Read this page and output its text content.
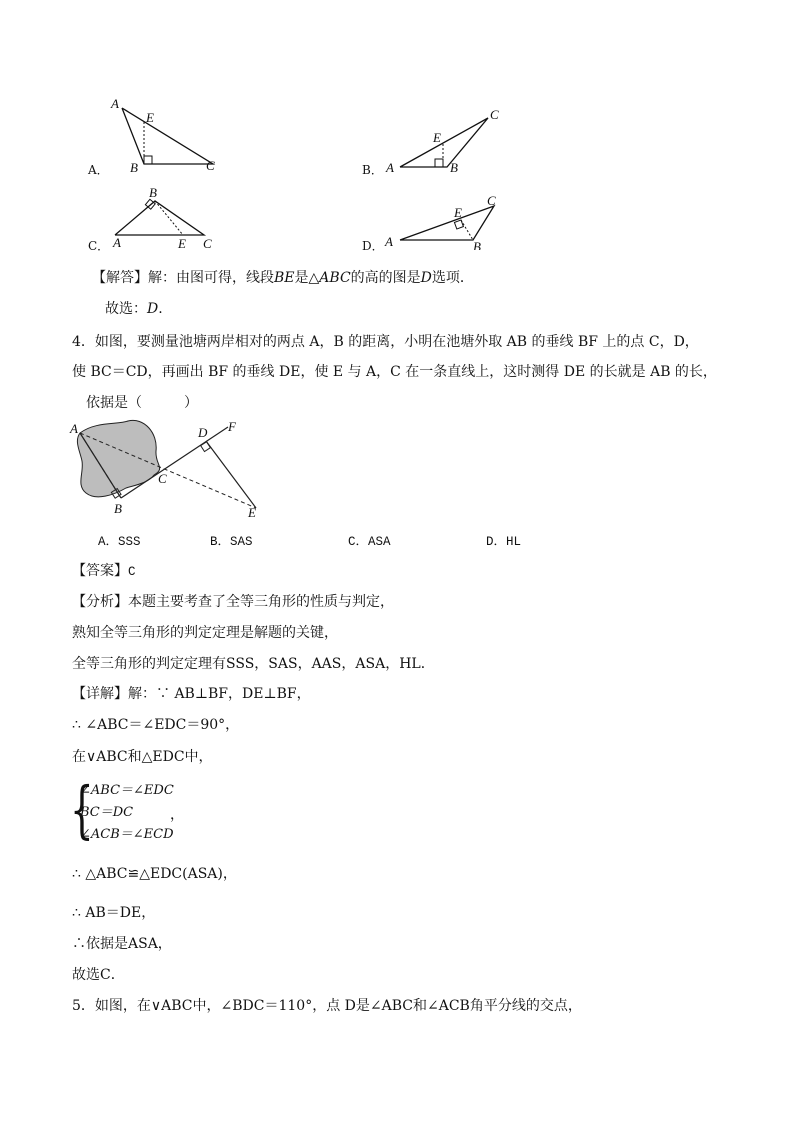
A．
A
E
B	C	B． A
E
B
C
C．
B
A	E C	D． A
E
B
C
【解答】解：由图可得，线段BE是△ABC的高的图是D选项．
故选：D.
4．如图，要测量池塘两岸相对的两点 A，B 的距离，小明在池塘外取 AB 的垂线 BF 上的点 C，D，
使 BC＝CD，再画出 BF 的垂线 DE，使 E 与 A，C 在一条直线上，这时测得 DE 的长就是 AB 的长，
依据是（　　　）
A
B
C
D F
E
A．SSS	B．SAS	C．ASA	D．HL
【答案】C
【分析】本题主要考查了全等三角形的性质与判定，
熟知全等三角形的判定定理是解题的关键，
全等三角形的判定定理有SSS，SAS，AAS，ASA，HL．
【详解】解：∵ AB⊥BF，DE⊥BF，
∴ ∠ABC＝∠EDC＝90°，
在∨ABC和△EDC中，
{
∠ABC＝∠EDC
BC＝DC	，
∠ACB＝∠ECD
∴ △ABC≌△EDC(ASA)，
∴ AB＝DE，
∴依据是ASA，
故选C．
5．如图，在∨ABC中，∠BDC＝110°，点 D是∠ABC和∠ACB角平分线的交点，
